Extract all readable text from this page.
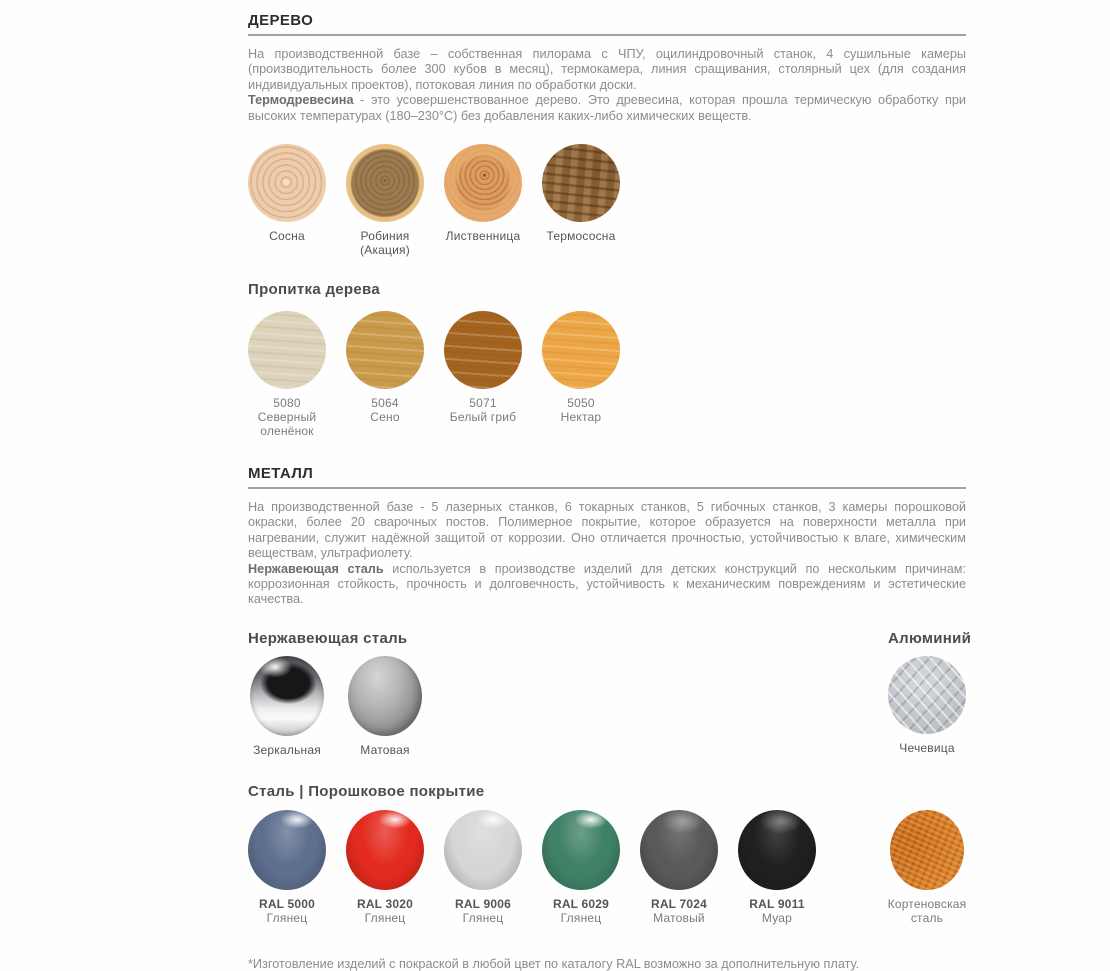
ДЕРЕВО

На производственной базе – собственная пилорама с ЧПУ, оцилиндровочный станок, 4 сушильные камеры (производительность более 300 кубов в месяц), термокамера, линия сращивания, столярный цех (для создания индивидуальных проектов), потоковая линия по обработки доски.

Термодревесина - это усовершенствованное дерево. Это древесина, которая прошла термическую обработку при высоких температурах (180–230°С) без добавления каких-либо химических веществ.

Сосна	Робиния (Акация)
Лиственница Термососна
Пропитка дерева
5080
Северный оленёнок
5064
Сено
5071
Белый гриб
5050
Нектар
МЕТАЛЛ

На производственной базе - 5 лазерных станков, 6 токарных станков, 5 гибочных станков, 3 камеры порошковой окраски, более 20 сварочных постов. Полимерное покрытие, которое образуется на поверхности металла при нагревании, служит надёжной защитой от коррозии. Оно отличается прочностью, устойчивостью к влаге, химическим веществам, ультрафиолету.

Нержавеющая сталь используется в производстве изделий для детских конструкций по нескольким причинам: коррозионная стойкость, прочность и долговечность, устойчивость к механическим повреждениям и эстетические качества.

Нержавеющая сталь	Алюминий
Зеркальная	Матовая	Чечевица
Сталь | Порошковое покрытие
RAL 5000
Глянец
RAL 3020
Глянец
RAL 9006
Глянец
RAL 6029
Глянец
RAL 7024
Матовый
RAL 9011
Муар
Кортеновская сталь

*Изготовление изделий с покраской в любой цвет по каталогу RAL возможно за дополнительную плату.
